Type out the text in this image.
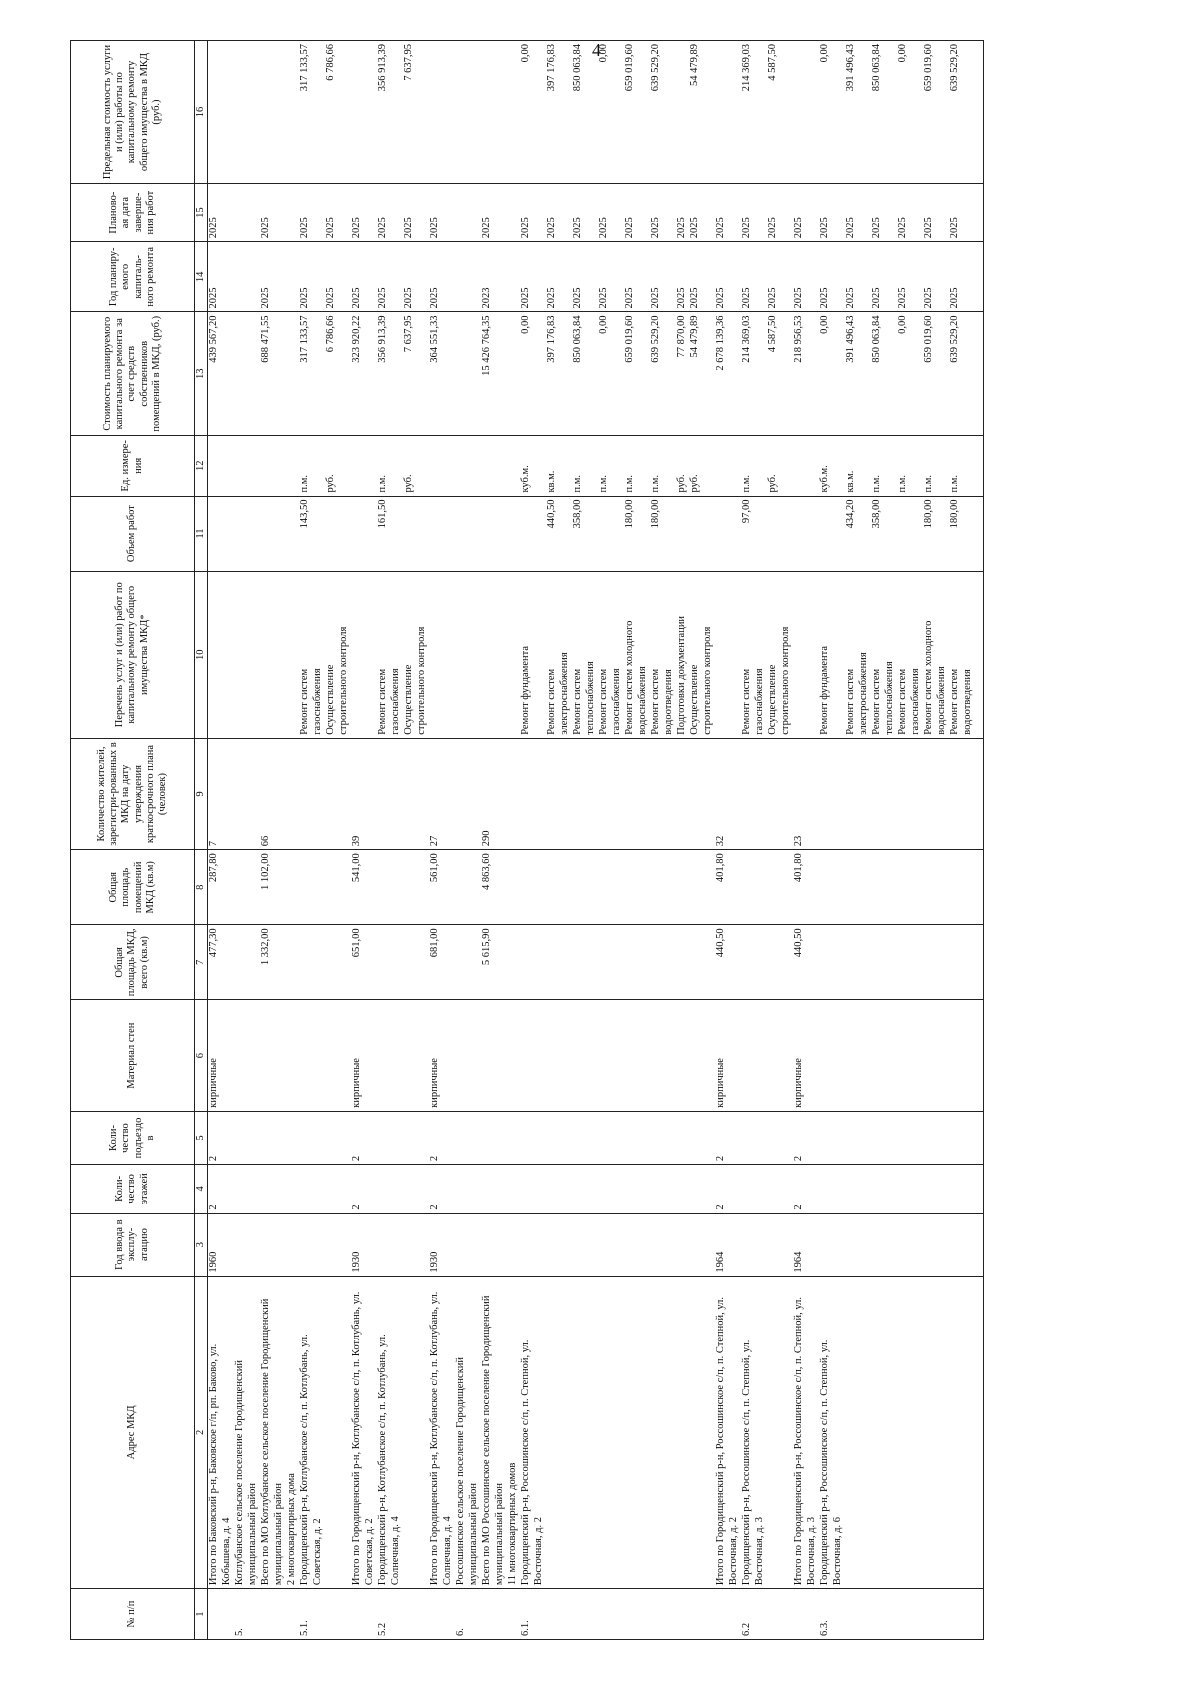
4
№ п/п	Адрес МКД	Год ввода в эксплу-атацию	Коли-чество этажей	Коли-чество подъездо в	Материал стен	Общая площадь МКД, всего (кв.м)	Общая площадь помещений МКД (кв.м)	Количество жителей, зарегистри-рованных в МКД на дату утверждения краткосрочного плана (человек)	Перечень услуг и (или) работ по капитальному ремонту общего имущества МКД*	Объем работ	Ед. измере-ния	Стоимость планируемого капитального ремонта за счет средств собственников помещений в МКД, (руб.)	Год планиру-емого капиталь-ного ремонта	Планово-ая дата заверше-ния работ	Предельная стоимость услуги и (или) работы по капитальному ремонту общего имущества в МКД (руб.)
1	2	3	4	5	6	7	8	9	10	11	12	13	14	15	16
	Итого по Баковский р-н, Баковское г/п, рп. Баково, ул.	1960	2	2	кирпичные	477,30	287,80	7				439 567,20	2025	2025	
	Кобышева, д. 4														
5.	Котлубанское сельское поселение Городищенский														
	муниципальный район														
	Всего по МО Котлубанское сельское поселение Городищенский					1 332,00	1 102,00	66				688 471,55	2025	2025	
	муниципальный район														
	2 многоквартирных дома														
5.1.	Городищенский р-н, Котлубанское с/п, п. Котлубань, ул.								Ремонт систем	143,50	п.м.	317 133,57	2025	2025	317 133,57
	Советская, д. 2								газоснабжения						
									Осуществление		руб.	6 786,66	2025	2025	6 786,66
									строительного контроля						
	Итого по Городищенский р-н, Котлубанское с/п, п. Котлубань, ул.	1930	2	2	кирпичные	651,00	541,00	39				323 920,22	2025	2025	
	Советская, д. 2														
5.2	Городищенский р-н, Котлубанское с/п, п. Котлубань, ул.								Ремонт систем	161,50	п.м.	356 913,39	2025	2025	356 913,39
	Солнечная, д. 4								газоснабжения						
									Осуществление		руб.	7 637,95	2025	2025	7 637,95
									строительного контроля						
	Итого по Городищенский р-н, Котлубанское с/п, п. Котлубань, ул.	1930	2	2	кирпичные	681,00	561,00	27				364 551,33	2025	2025	
	Солнечная, д. 4														
6.	Россошинское сельское поселение Городищенский														
	муниципальный район														
	Всего по МО Россошинское сельское поселение Городищенский					5 615,90	4 863,60	290				15 426 764,35	2023	2025	
	муниципальный район														
	11 многоквартирных домов														
6.1.	Городищенский р-н, Россошинское с/п, п. Степной, ул.								Ремонт фундамента		куб.м.	0,00	2025	2025	0,00
	Восточная, д. 2														
									Ремонт систем	440,50	кв.м.	397 176,83	2025	2025	397 176,83
									электроснабжения						
									Ремонт систем	358,00	п.м.	850 063,84	2025	2025	850 063,84
									теплоснабжения						
									Ремонт систем		п.м.	0,00	2025	2025	0,00
									газоснабжения						
									Ремонт систем холодного	180,00	п.м.	659 019,60	2025	2025	659 019,60
									водоснабжения						
									Ремонт систем	180,00	п.м.	639 529,20	2025	2025	639 529,20
									водоотведения						
									Подготовки документации		руб.	77 870,00	2025	2025	
									Осуществление		руб.	54 479,89	2025	2025	54 479,89
									строительного контроля						
	Итого по Городищенский р-н, Россошинское с/п, п. Степной, ул.	1964	2	2	кирпичные	440,50	401,80	32				2 678 139,36	2025	2025	
	Восточная, д. 2														
6.2	Городищенский р-н, Россошинское с/п, п. Степной, ул.								Ремонт систем	97,00	п.м.	214 369,03	2025	2025	214 369,03
	Восточная, д. 3								газоснабжения						
									Осуществление		руб.	4 587,50	2025	2025	4 587,50
									строительного контроля						
	Итого по Городищенский р-н, Россошинское с/п, п. Степной, ул.	1964	2	2	кирпичные	440,50	401,80	23				218 956,53	2025	2025	
	Восточная, д. 3														
6.3.	Городищенский р-н, Россошинское с/п, п. Степной, ул.								Ремонт фундамента		куб.м.	0,00	2025	2025	0,00
	Восточная, д. 6														
									Ремонт систем	434,20	кв.м.	391 496,43	2025	2025	391 496,43
									электроснабжения						
									Ремонт систем	358,00	п.м.	850 063,84	2025	2025	850 063,84
									теплоснабжения						
									Ремонт систем		п.м.	0,00	2025	2025	0,00
									газоснабжения						
									Ремонт систем холодного	180,00	п.м.	659 019,60	2025	2025	659 019,60
									водоснабжения						
									Ремонт систем	180,00	п.м.	639 529,20	2025	2025	639 529,20
									водоотведения						
